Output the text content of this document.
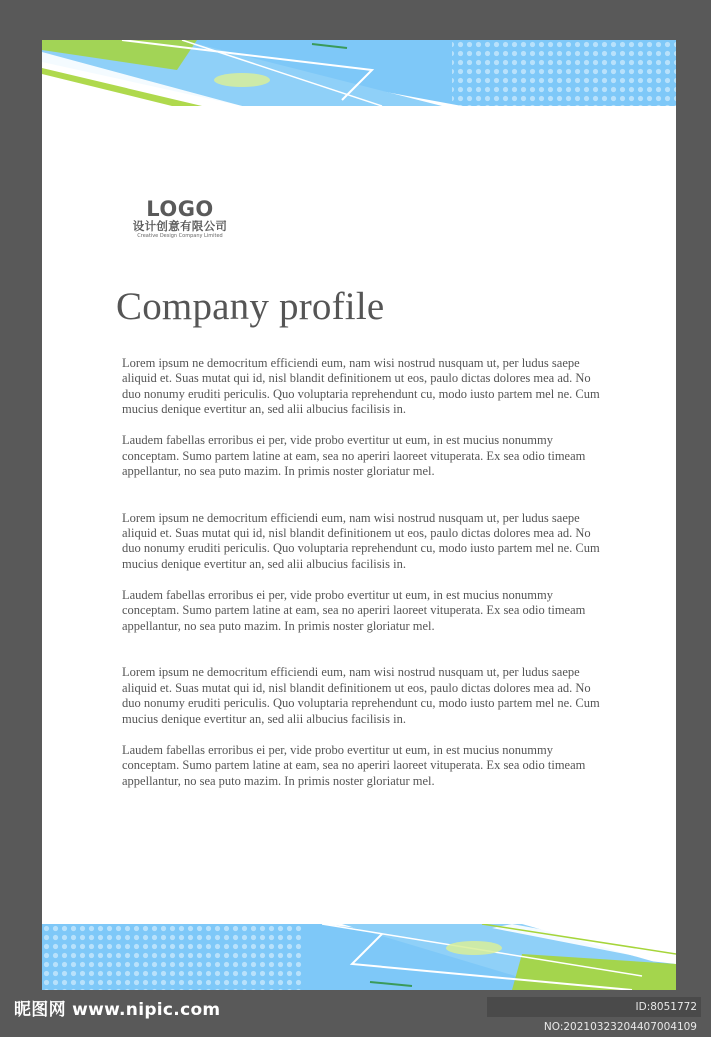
LOGO
设计创意有限公司
Creative Design Company Limited
Company profile

Lorem ipsum ne democritum efficiendi eum, nam wisi nostrud nusquam ut, per ludus saepe aliquid et. Suas mutat qui id, nisl blandit definitionem ut eos, paulo dictas dolores mea ad. No duo nonumy eruditi periculis. Quo voluptaria reprehendunt cu, modo iusto partem mel ne. Cum mucius denique evertitur an, sed alii albucius facilisis in.

Laudem fabellas erroribus ei per, vide probo evertitur ut eum, in est mucius nonummy conceptam. Sumo partem latine at eam, sea no aperiri laoreet vituperata. Ex sea odio timeam appellantur, no sea puto mazim. In primis noster gloriatur mel.

Lorem ipsum ne democritum efficiendi eum, nam wisi nostrud nusquam ut, per ludus saepe aliquid et. Suas mutat qui id, nisl blandit definitionem ut eos, paulo dictas dolores mea ad. No duo nonumy eruditi periculis. Quo voluptaria reprehendunt cu, modo iusto partem mel ne. Cum mucius denique evertitur an, sed alii albucius facilisis in.

Laudem fabellas erroribus ei per, vide probo evertitur ut eum, in est mucius nonummy conceptam. Sumo partem latine at eam, sea no aperiri laoreet vituperata. Ex sea odio timeam appellantur, no sea puto mazim. In primis noster gloriatur mel.

Lorem ipsum ne democritum efficiendi eum, nam wisi nostrud nusquam ut, per ludus saepe aliquid et. Suas mutat qui id, nisl blandit definitionem ut eos, paulo dictas dolores mea ad. No duo nonumy eruditi periculis. Quo voluptaria reprehendunt cu, modo iusto partem mel ne. Cum mucius denique evertitur an, sed alii albucius facilisis in.

Laudem fabellas erroribus ei per, vide probo evertitur ut eum, in est mucius nonummy conceptam. Sumo partem latine at eam, sea no aperiri laoreet vituperata. Ex sea odio timeam appellantur, no sea puto mazim. In primis noster gloriatur mel.

昵图网 www.nipic.com	ID:8051772 NO:20210323204407004109
